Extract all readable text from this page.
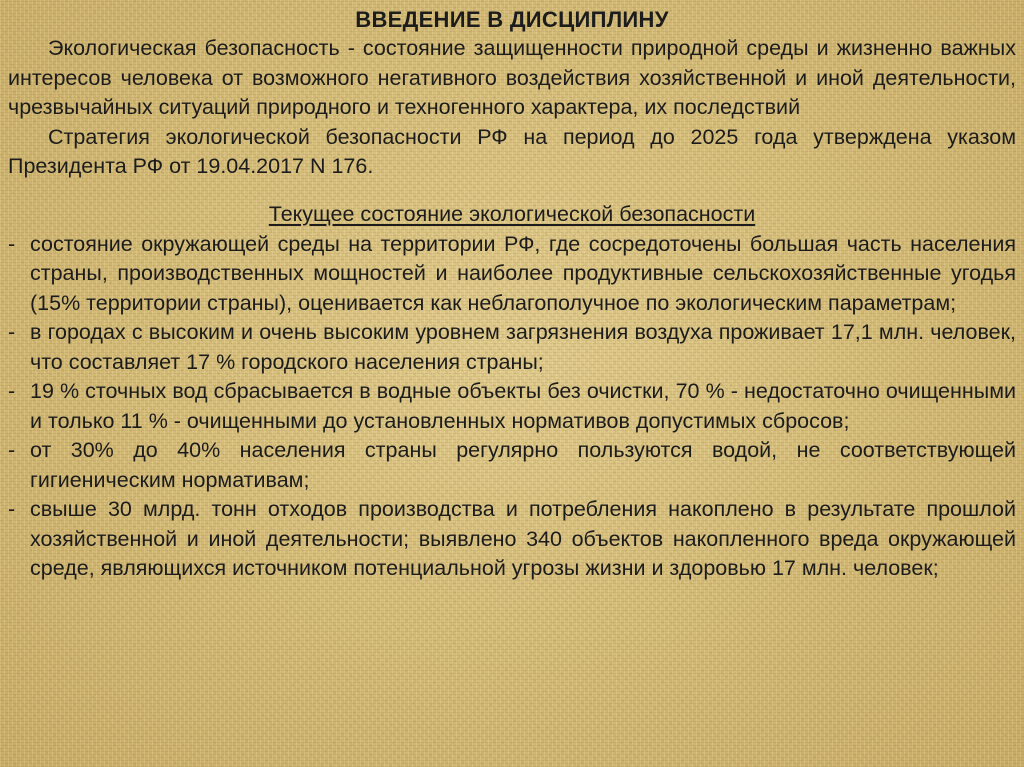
ВВЕДЕНИЕ В ДИСЦИПЛИНУ

Экологическая безопасность - состояние защищенности природной среды и жизненно важных интересов человека от возможного негативного воздействия хозяйственной и иной деятельности, чрезвычайных ситуаций природного и техногенного характера, их последствий

Стратегия экологической безопасности РФ на период до 2025 года утверждена указом Президента РФ от 19.04.2017 N 176.

Текущее состояние экологической безопасности
- состояние окружающей среды на территории РФ, где сосредоточены большая часть населения страны, производственных мощностей и наиболее продуктивные сельскохозяйственные угодья (15% территории страны), оценивается как неблагополучное по экологическим параметрам;
- в городах с высоким и очень высоким уровнем загрязнения воздуха проживает 17,1 млн. человек, что составляет 17 % городского населения страны;
- 19 % сточных вод сбрасывается в водные объекты без очистки, 70 % - недостаточно очищенными и только 11 % - очищенными до установленных нормативов допустимых сбросов;
- от 30% до 40% населения страны регулярно пользуются водой, не соответствующей гигиеническим нормативам;
- свыше 30 млрд. тонн отходов производства и потребления накоплено в результате прошлой хозяйственной и иной деятельности; выявлено 340 объектов накопленного вреда окружающей среде, являющихся источником потенциальной угрозы жизни и здоровью 17 млн. человек;
